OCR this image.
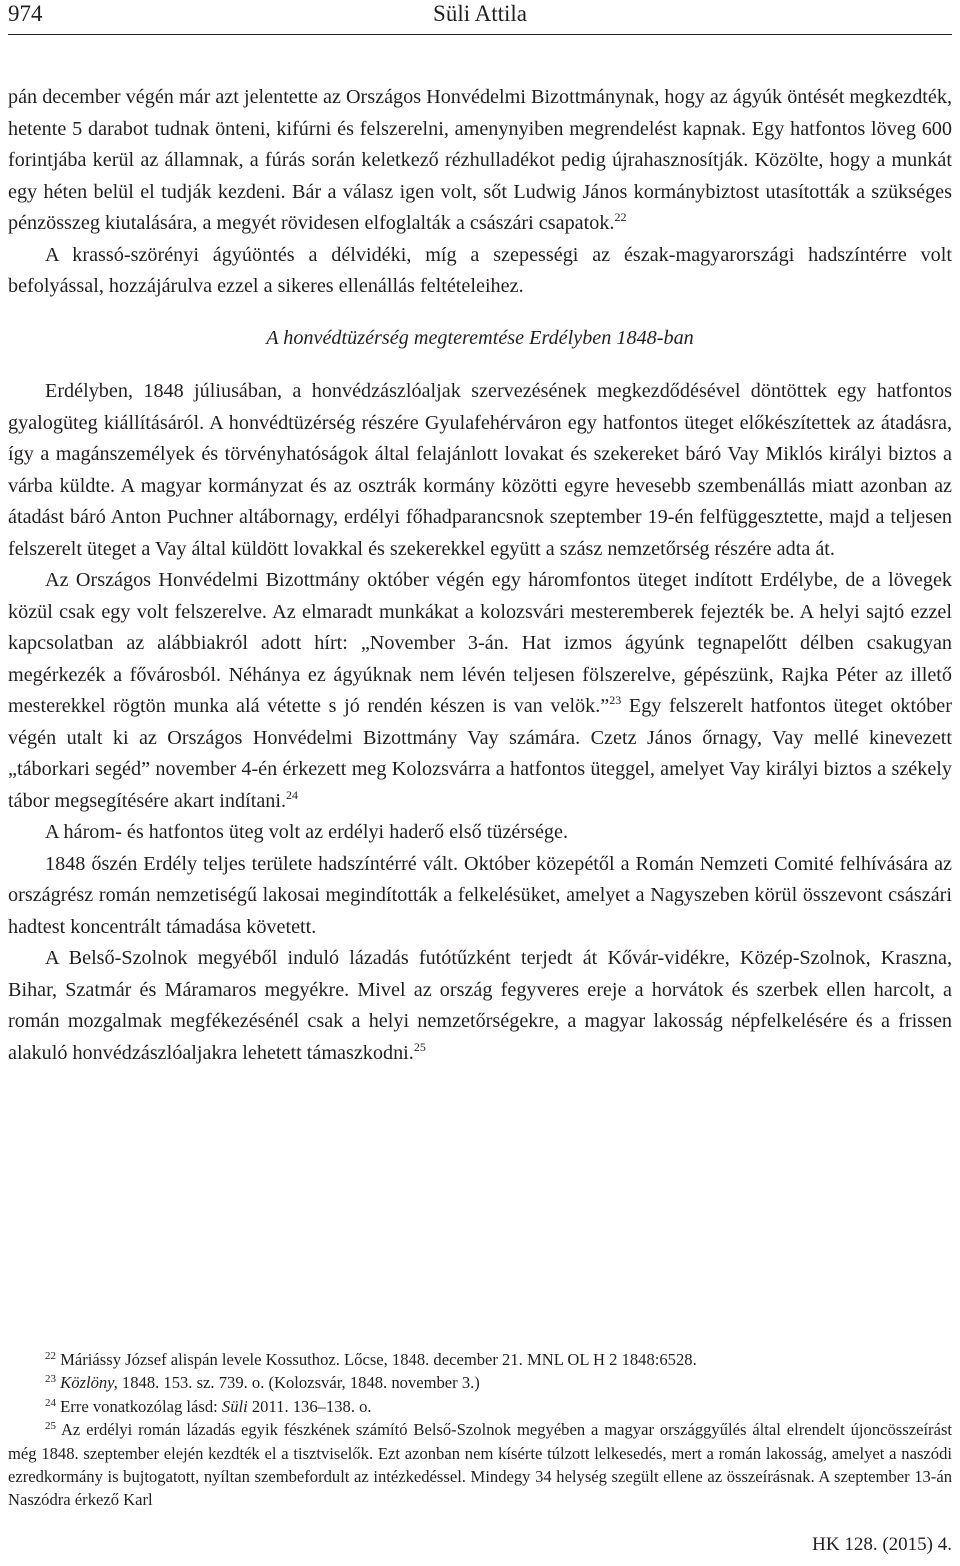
974	Süli Attila

pán december végén már azt jelentette az Országos Honvédelmi Bizottmánynak, hogy az ágyúk öntését megkezdték, hetente 5 darabot tudnak önteni, kifúrni és felszerelni, amenynyiben megrendelést kapnak. Egy hatfontos löveg 600 forintjába kerül az államnak, a fúrás során keletkező rézhulladékot pedig újrahasznosítják. Közölte, hogy a munkát egy héten belül el tudják kezdeni. Bár a válasz igen volt, sőt Ludwig János kormánybiztost utasították a szükséges pénzösszeg kiutalására, a megyét rövidesen elfoglalták a császári csapatok.$^{22}$

A krassó-szörényi ágyúöntés a délvidéki, míg a szepességi az észak-magyarországi hadszíntérre volt befolyással, hozzájárulva ezzel a sikeres ellenállás feltételeihez.

A honvédtüzérség megteremtése Erdélyben 1848-ban

Erdélyben, 1848 júliusában, a honvédzászlóaljak szervezésének megkezdődésével döntöttek egy hatfontos gyalogüteg kiállításáról. A honvédtüzérség részére Gyulafehérváron egy hatfontos üteget előkészítettek az átadásra, így a magánszemélyek és törvényhatóságok által felajánlott lovakat és szekereket báró Vay Miklós királyi biztos a várba küldte. A magyar kormányzat és az osztrák kormány közötti egyre hevesebb szembenállás miatt azonban az átadást báró Anton Puchner altábornagy, erdélyi főhadparancsnok szeptember 19-én felfüggesztette, majd a teljesen felszerelt üteget a Vay által küldött lovakkal és szekerekkel együtt a szász nemzetőrség részére adta át.

Az Országos Honvédelmi Bizottmány október végén egy háromfontos üteget indított Erdélybe, de a lövegek közül csak egy volt felszerelve. Az elmaradt munkákat a kolozsvári mesteremberek fejezték be. A helyi sajtó ezzel kapcsolatban az alábbiakról adott hírt: „November 3-án. Hat izmos ágyúnk tegnapelőtt délben csakugyan megérkezék a fővárosból. Néhánya ez ágyúknak nem lévén teljesen fölszerelve, gépészünk, Rajka Péter az illető mesterekkel rögtön munka alá vétette s jó rendén készen is van velök.”$^{23}$ Egy felszerelt hatfontos üteget október végén utalt ki az Országos Honvédelmi Bizottmány Vay számára. Czetz János őrnagy, Vay mellé kinevezett „táborkari segéd” november 4-én érkezett meg Kolozsvárra a hatfontos üteggel, amelyet Vay királyi biztos a székely tábor megsegítésére akart indítani.$^{24}$

A három- és hatfontos üteg volt az erdélyi haderő első tüzérsége.

1848 őszén Erdély teljes területe hadszíntérré vált. Október közepétől a Román Nemzeti Comité felhívására az országrész román nemzetiségű lakosai megindították a felkelésüket, amelyet a Nagyszeben körül összevont császári hadtest koncentrált támadása követett.

A Belső-Szolnok megyéből induló lázadás futótűzként terjedt át Kővár-vidékre, Közép-Szolnok, Kraszna, Bihar, Szatmár és Máramaros megyékre. Mivel az ország fegyveres ereje a horvátok és szerbek ellen harcolt, a román mozgalmak megfékezésénél csak a helyi nemzetőrségekre, a magyar lakosság népfelkelésére és a frissen alakuló honvédzászlóaljakra lehetett támaszkodni.$^{25}$

$^{22}$ Máriássy József alispán levele Kossuthoz. Lőcse, 1848. december 21. MNL OL H 2 1848:6528.

$^{23}$ Közlöny, 1848. 153. sz. 739. o. (Kolozsvár, 1848. november 3.)

$^{24}$ Erre vonatkozólag lásd: Süli 2011. 136–138. o.

$^{25}$ Az erdélyi román lázadás egyik fészkének számító Belső-Szolnok megyében a magyar országgyűlés által elrendelt újoncösszeírást még 1848. szeptember elején kezdték el a tisztviselők. Ezt azonban nem kísérte túlzott lelkesedés, mert a román lakosság, amelyet a naszódi ezredkormány is bujtogatott, nyíltan szembefordult az intézkedéssel. Mindegy 34 helység szegült ellene az összeírásnak. A szeptember 13-án Naszódra érkező Karl

HK 128. (2015) 4.
